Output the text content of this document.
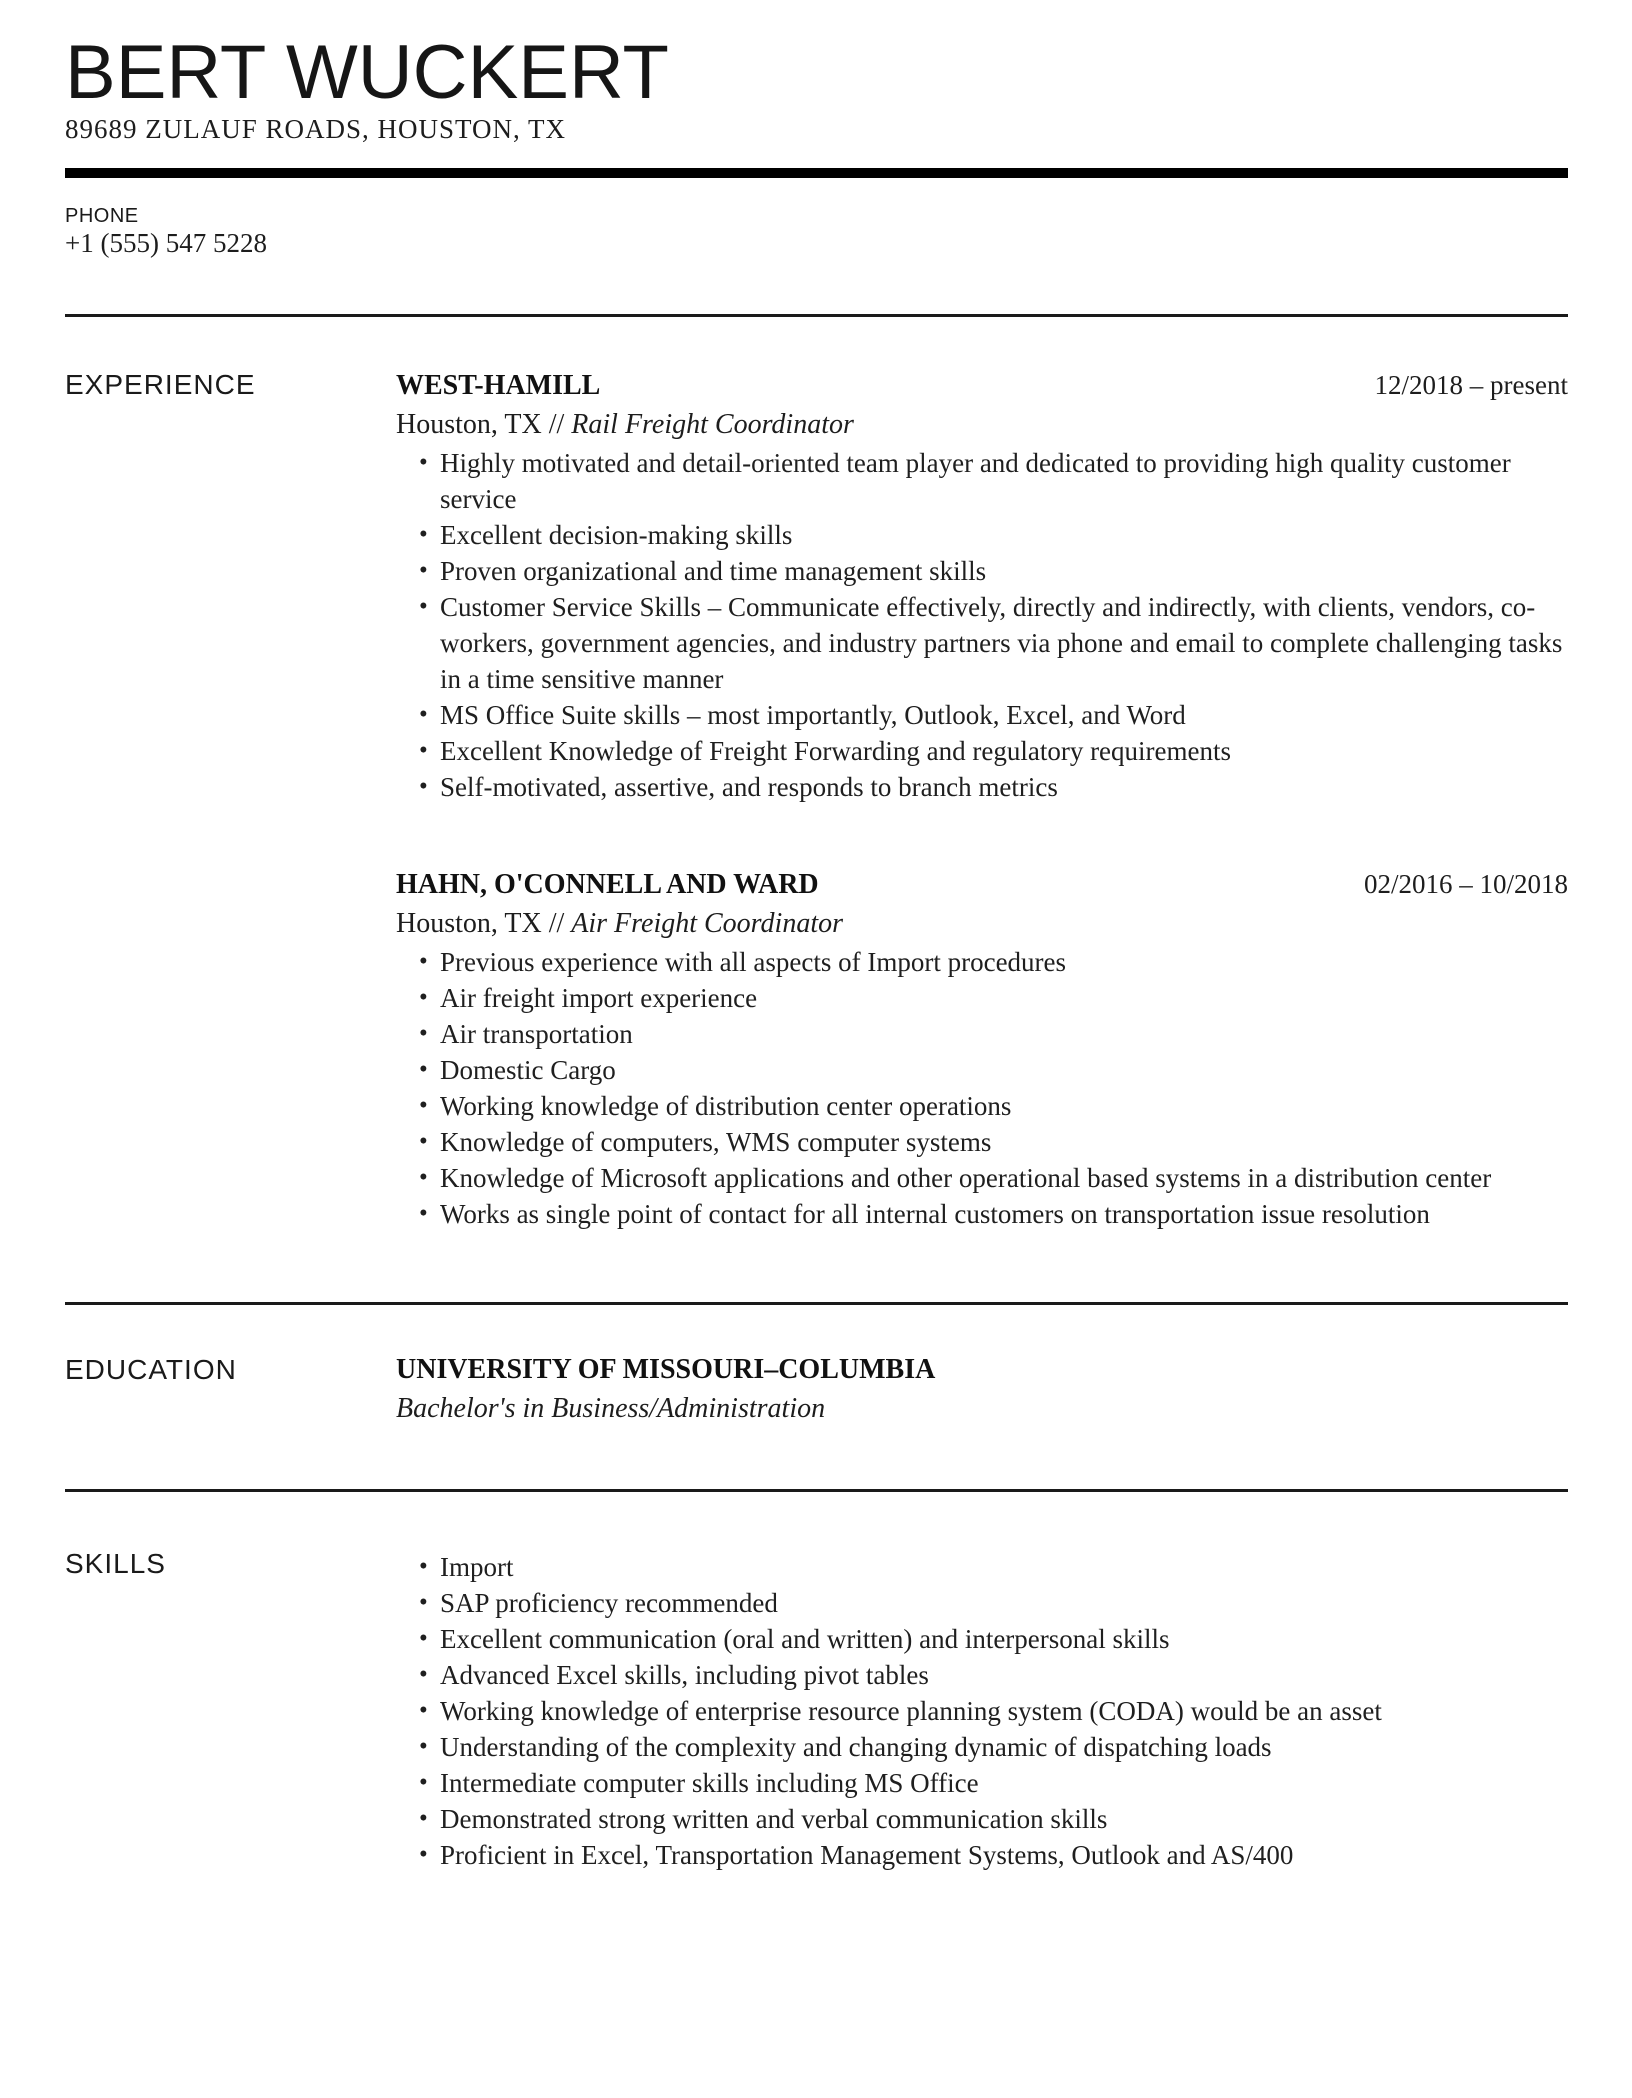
BERT WUCKERT
89689 ZULAUF ROADS, HOUSTON, TX
PHONE
+1 (555) 547 5228
EXPERIENCE	WEST-HAMILL	12/2018 – present
Houston, TX // Rail Freight Coordinator
• Highly motivated and detail-oriented team player and dedicated to providing high quality customer service
• Excellent decision-making skills
• Proven organizational and time management skills
• Customer Service Skills – Communicate effectively, directly and indirectly, with clients, vendors, co-workers, government agencies, and industry partners via phone and email to complete challenging tasks in a time sensitive manner
• MS Office Suite skills – most importantly, Outlook, Excel, and Word
• Excellent Knowledge of Freight Forwarding and regulatory requirements
• Self-motivated, assertive, and responds to branch metrics
HAHN, O'CONNELL AND WARD	02/2016 – 10/2018
Houston, TX // Air Freight Coordinator
• Previous experience with all aspects of Import procedures
• Air freight import experience
• Air transportation
• Domestic Cargo
• Working knowledge of distribution center operations
• Knowledge of computers, WMS computer systems
• Knowledge of Microsoft applications and other operational based systems in a distribution center
• Works as single point of contact for all internal customers on transportation issue resolution
EDUCATION	UNIVERSITY OF MISSOURI–COLUMBIA
Bachelor's in Business/Administration
SKILLS	• Import
• SAP proficiency recommended
• Excellent communication (oral and written) and interpersonal skills
• Advanced Excel skills, including pivot tables
• Working knowledge of enterprise resource planning system (CODA) would be an asset
• Understanding of the complexity and changing dynamic of dispatching loads
• Intermediate computer skills including MS Office
• Demonstrated strong written and verbal communication skills
• Proficient in Excel, Transportation Management Systems, Outlook and AS/400
